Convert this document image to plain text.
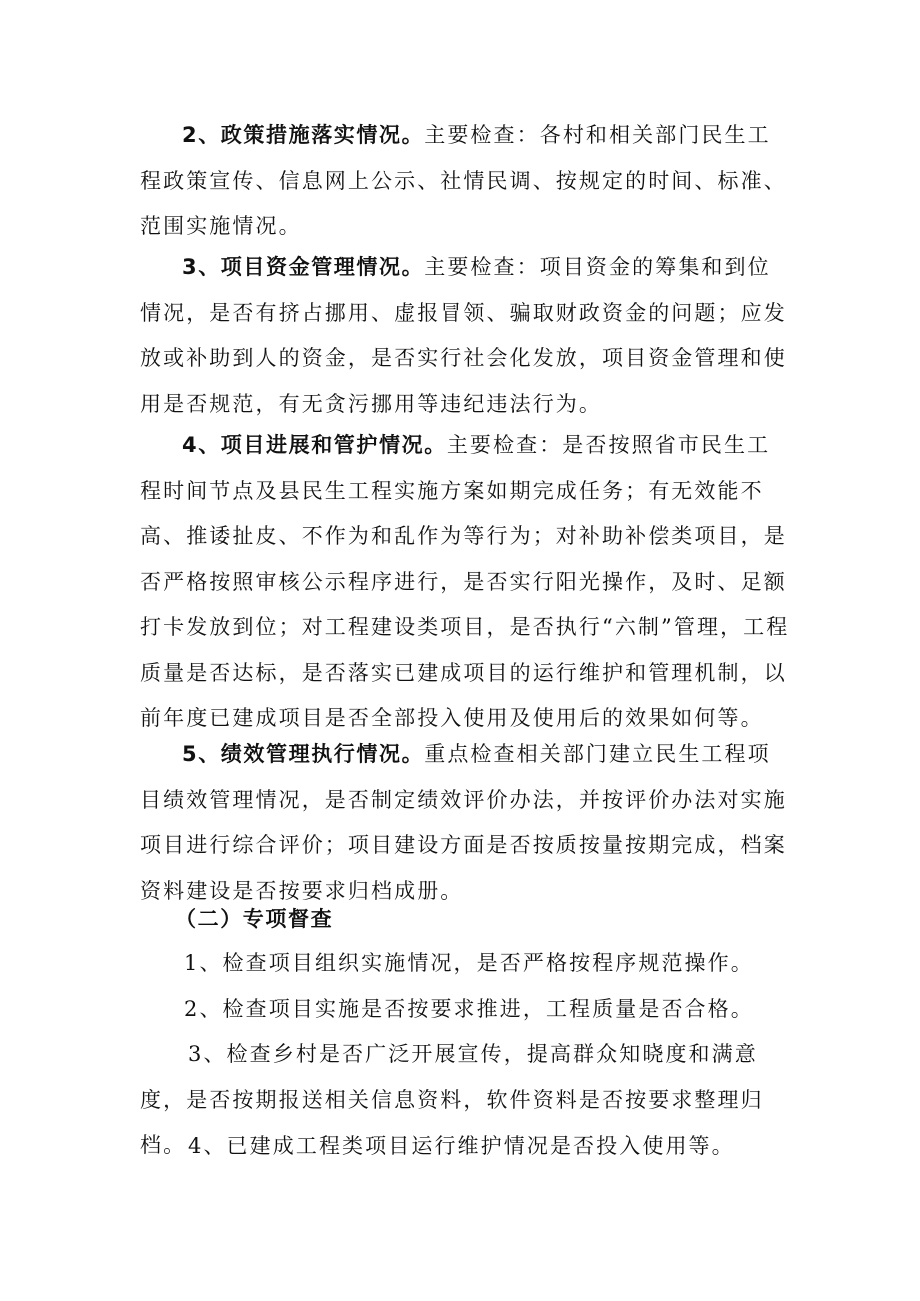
2、政策措施落实情况。主要检查：各村和相关部门民生工程政策宣传、信息网上公示、社情民调、按规定的时间、标准、范围实施情况。

3、项目资金管理情况。主要检查：项目资金的筹集和到位情况，是否有挤占挪用、虚报冒领、骗取财政资金的问题；应发放或补助到人的资金，是否实行社会化发放，项目资金管理和使用是否规范，有无贪污挪用等违纪违法行为。

4、项目进展和管护情况。主要检查：是否按照省市民生工程时间节点及县民生工程实施方案如期完成任务；有无效能不高、推诿扯皮、不作为和乱作为等行为；对补助补偿类项目，是否严格按照审核公示程序进行，是否实行阳光操作，及时、足额打卡发放到位；对工程建设类项目，是否执行“六制”管理，工程质量是否达标，是否落实已建成项目的运行维护和管理机制，以前年度已建成项目是否全部投入使用及使用后的效果如何等。

5、绩效管理执行情况。重点检查相关部门建立民生工程项目绩效管理情况，是否制定绩效评价办法，并按评价办法对实施项目进行综合评价；项目建设方面是否按质按量按期完成，档案资料建设是否按要求归档成册。

（二）专项督查

1、检查项目组织实施情况，是否严格按程序规范操作。

2、检查项目实施是否按要求推进，工程质量是否合格。

3、检查乡村是否广泛开展宣传，提高群众知晓度和满意度，是否按期报送相关信息资料，软件资料是否按要求整理归档。 4、已建成工程类项目运行维护情况是否投入使用等。
